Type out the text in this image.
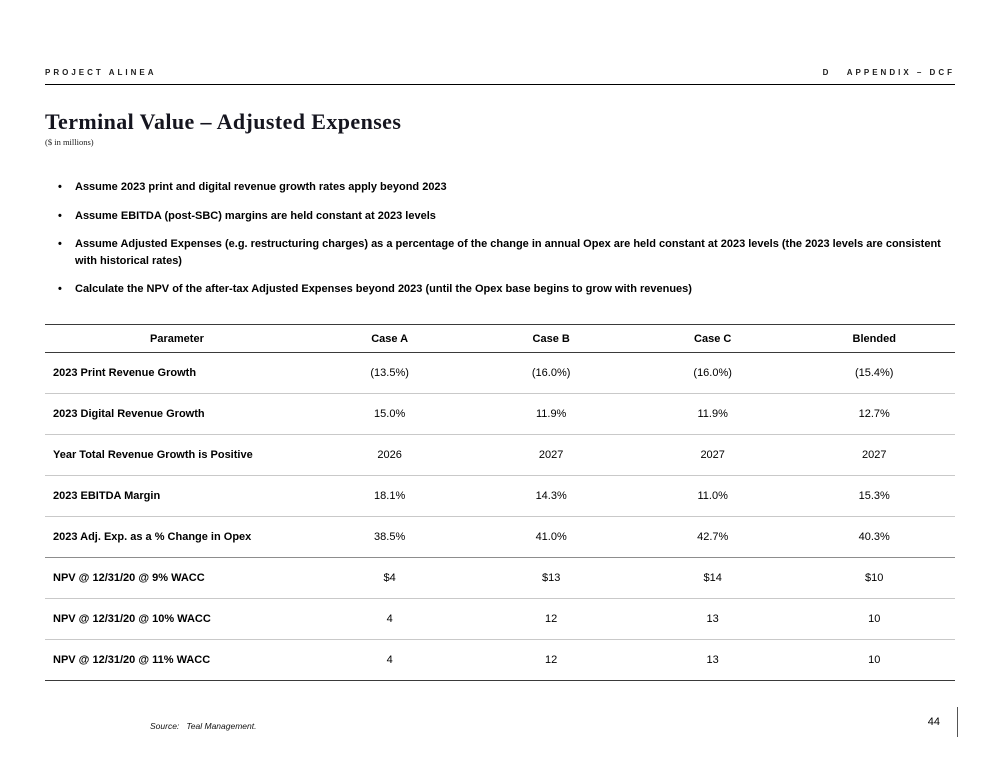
PROJECT ALINEA	D   APPENDIX – DCF
Terminal Value – Adjusted Expenses
($ in millions)
• Assume 2023 print and digital revenue growth rates apply beyond 2023
• Assume EBITDA (post-SBC) margins are held constant at 2023 levels
• Assume Adjusted Expenses (e.g. restructuring charges) as a percentage of the change in annual Opex are held constant at 2023 levels (the 2023 levels are consistent with historical rates)
• Calculate the NPV of the after-tax Adjusted Expenses beyond 2023 (until the Opex base begins to grow with revenues)
Parameter	Case A	Case B	Case C	Blended
2023 Print Revenue Growth	(13.5%)	(16.0%)	(16.0%)	(15.4%)
2023 Digital Revenue Growth	15.0%	11.9%	11.9%	12.7%
Year Total Revenue Growth is Positive	2026	2027	2027	2027
2023 EBITDA Margin	18.1%	14.3%	11.0%	15.3%
2023 Adj. Exp. as a % Change in Opex	38.5%	41.0%	42.7%	40.3%
NPV @ 12/31/20 @ 9% WACC	$4	$13	$14	$10
NPV @ 12/31/20 @ 10% WACC	4	12	13	10
NPV @ 12/31/20 @ 11% WACC	4	12	13	10
Source:   Teal Management.	44
